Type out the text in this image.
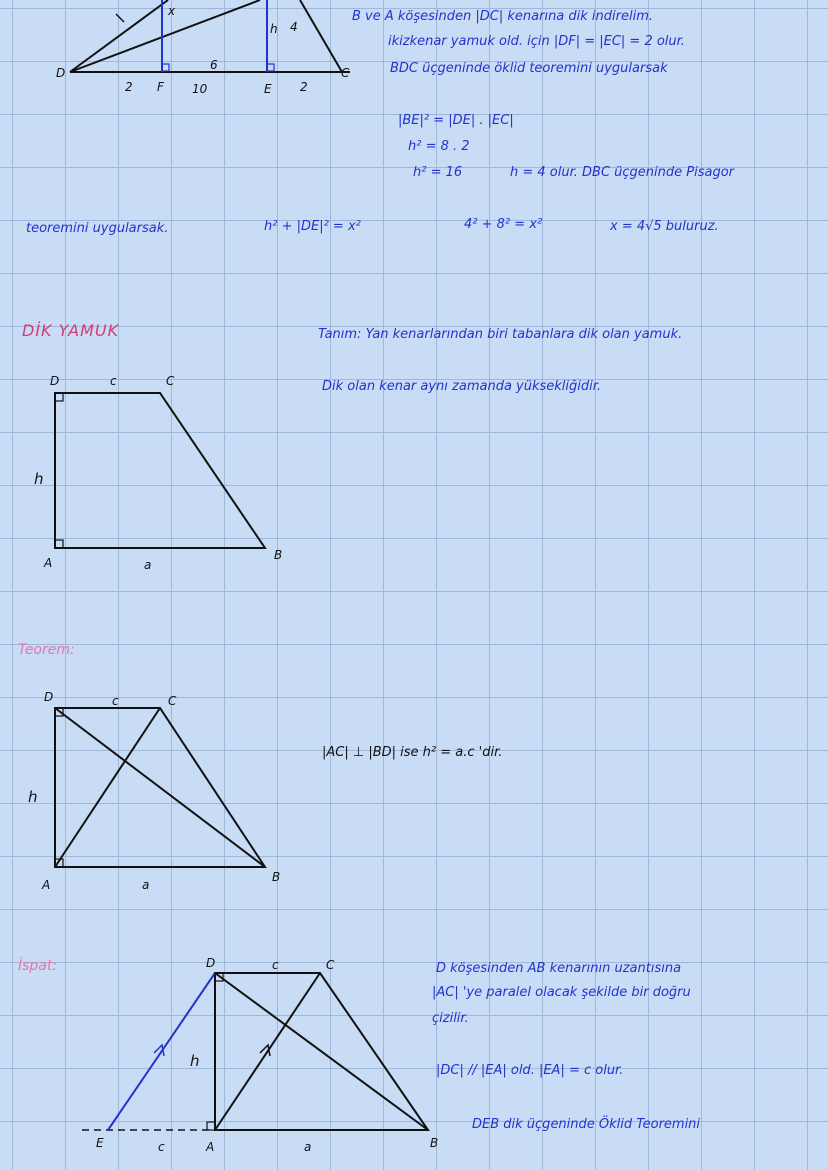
x
h 4
D	C
6
2 F 10	E 2
B ve A köşesinden |DC| kenarına dik indirelim.
ikizkenar yamuk old. için |DF| = |EC| = 2 olur.
BDC üçgeninde öklid teoremini uygularsak
|BE|² = |DE| . |EC|
h² = 8 . 2
h² = 16	h = 4 olur. DBC üçgeninde Pisagor
teoremini uygularsak.	h² + |DE|² = x²	4² + 8² = x²	x = 4√5 buluruz.
DİK YAMUK	Tanım: Yan kenarlarından biri tabanlara dik olan yamuk.
Dik olan kenar aynı zamanda yüksekliğidir.
D	c	C
h
A	a
B
Teorem:
|AC| ⊥ |BD| ise h² = a.c 'dir.
D	c	C
h
A	a
B
İspat:	D köşesinden AB kenarının uzantısına
|AC| 'ye paralel olacak şekilde bir doğru
çizilir.
|DC| // |EA| old. |EA| = c olur.
DEB dik üçgeninde Öklid Teoremini
D	c	C
h
E	c	A	a	B
